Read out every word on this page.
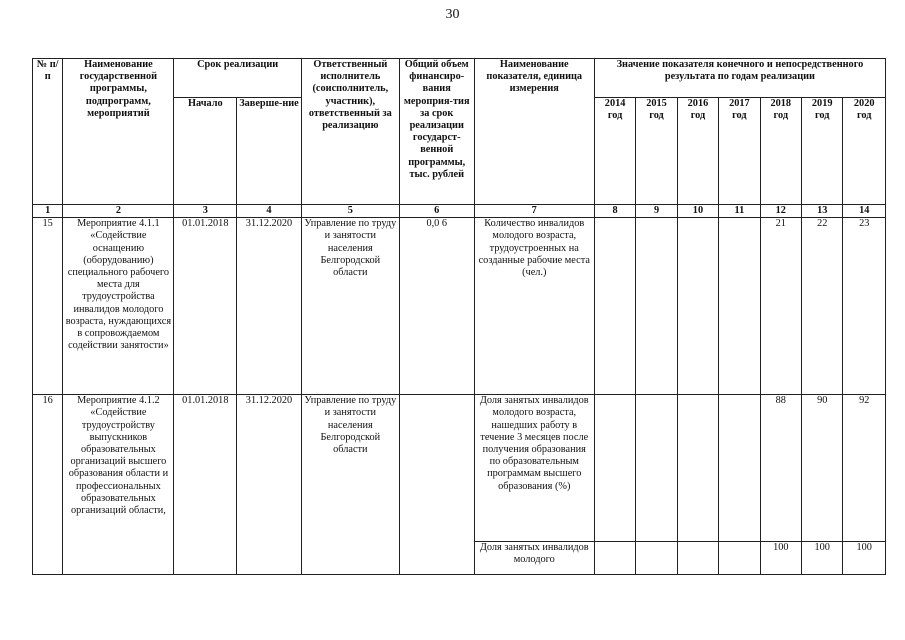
30
№ п/п	Наименование государственной программы, подпрограмм, мероприятий	Срок реализации		Ответственный исполнитель (соисполнитель, участник), ответственный за реализацию	Общий объем финансиро-вания мероприя-тия за срок реализации государст-венной программы, тыс. рублей	Наименование показателя, единица измерения	Значение показателя конечного и непосредственного результата по годам реализации						
		Начало	Заверше-ние				2014 год	2015 год	2016 год	2017 год	2018 год	2019 год	2020 год
1	2	3	4	5	6	7	8	9	10	11	12	13	14
15	Мероприятие 4.1.1 «Содействие оснащению (оборудованию) специального рабочего места для трудоустройства инвалидов молодого возраста, нуждающихся в сопровождаемом содействии занятости»	01.01.2018	31.12.2020	Управление по труду и занятости населения Белгородской области	0,0 6	Количество инвалидов молодого возраста, трудоустроенных на созданные рабочие места (чел.)					21	22	23
16	Мероприятие 4.1.2 «Содействие трудоустройству выпускников образовательных организаций высшего образования области и профессиональных образовательных организаций области,	01.01.2018	31.12.2020	Управление по труду и занятости населения Белгородской области		Доля занятых инвалидов молодого возраста, нашедших работу в течение 3 месяцев после получения образования по образовательным программам высшего образования (%)					88	90	92
						Доля занятых инвалидов молодого					100	100	100
